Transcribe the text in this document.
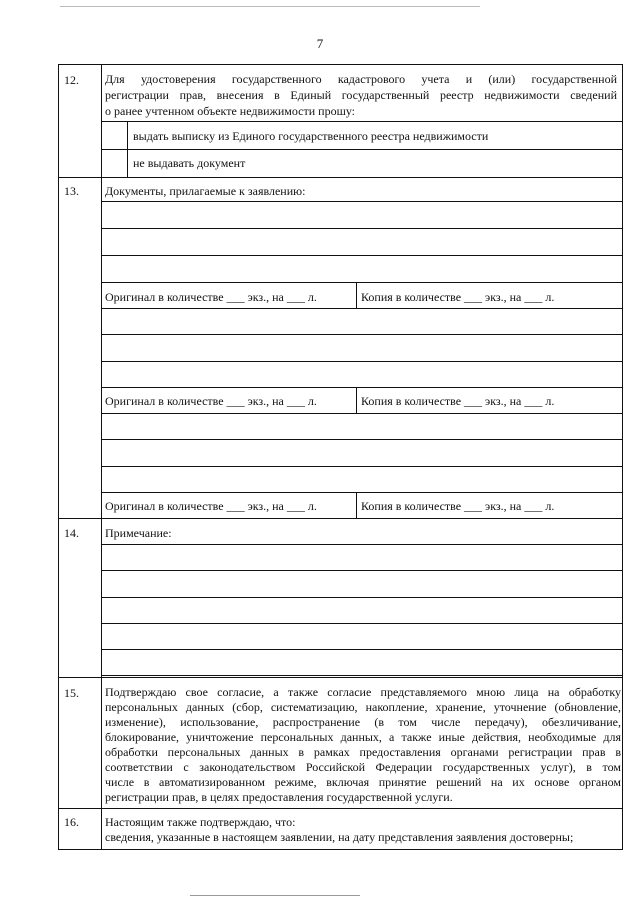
7
12. Для удостоверения государственного кадастрового учета и (или) государственной
регистрации прав, внесения в Единый государственный реестр недвижимости сведений
о ранее учтенном объекте недвижимости прошу:
выдать выписку из Единого государственного реестра недвижимости
не выдавать документ
13. Документы, прилагаемые к заявлению:
Оригинал в количестве ___ экз., на ___ л.	Копия в количестве ___ экз., на ___ л.
Оригинал в количестве ___ экз., на ___ л.	Копия в количестве ___ экз., на ___ л.
Оригинал в количестве ___ экз., на ___ л.	Копия в количестве ___ экз., на ___ л.
14. Примечание:
15. Подтверждаю свое согласие, а также согласие представляемого мною лица на обработку
персональных данных (сбор, систематизацию, накопление, хранение, уточнение (обновление,
изменение), использование, распространение (в том числе передачу), обезличивание,
блокирование, уничтожение персональных данных, а также иные действия, необходимые для
обработки персональных данных в рамках предоставления органами регистрации прав в
соответствии с законодательством Российской Федерации государственных услуг), в том
числе в автоматизированном режиме, включая принятие решений на их основе органом
регистрации прав, в целях предоставления государственной услуги.
16. Настоящим также подтверждаю, что:
сведения, указанные в настоящем заявлении, на дату представления заявления достоверны;
